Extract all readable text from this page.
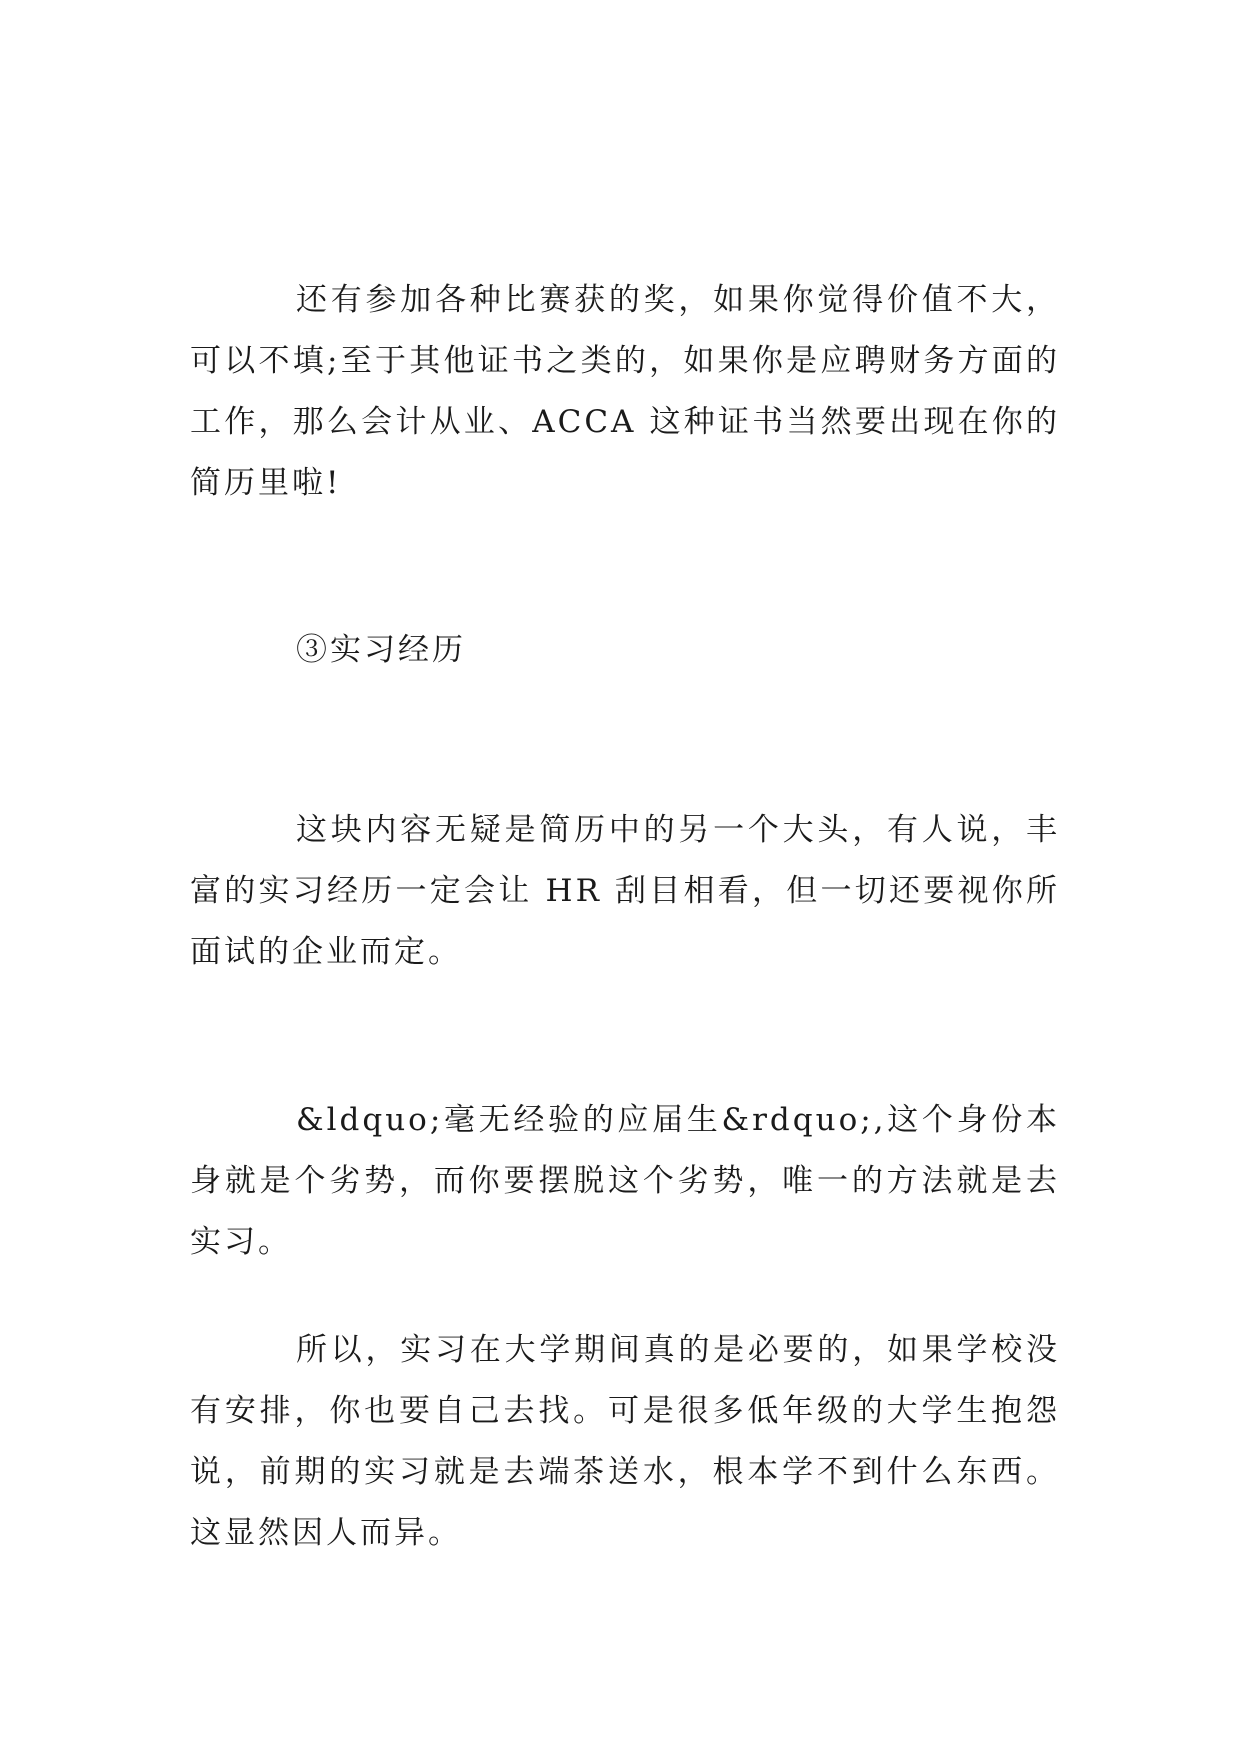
还有参加各种比赛获的奖，如果你觉得价值不大，可以不填;至于其他证书之类的，如果你是应聘财务方面的工作，那么会计从业、ACCA 这种证书当然要出现在你的简历里啦!

③实习经历

这块内容无疑是简历中的另一个大头，有人说，丰富的实习经历一定会让 HR 刮目相看，但一切还要视你所面试的企业而定。

&ldquo;毫无经验的应届生&rdquo;,这个身份本身就是个劣势，而你要摆脱这个劣势，唯一的方法就是去实习。

所以，实习在大学期间真的是必要的，如果学校没有安排，你也要自己去找。可是很多低年级的大学生抱怨说，前期的实习就是去端茶送水，根本学不到什么东西。这显然因人而异。
